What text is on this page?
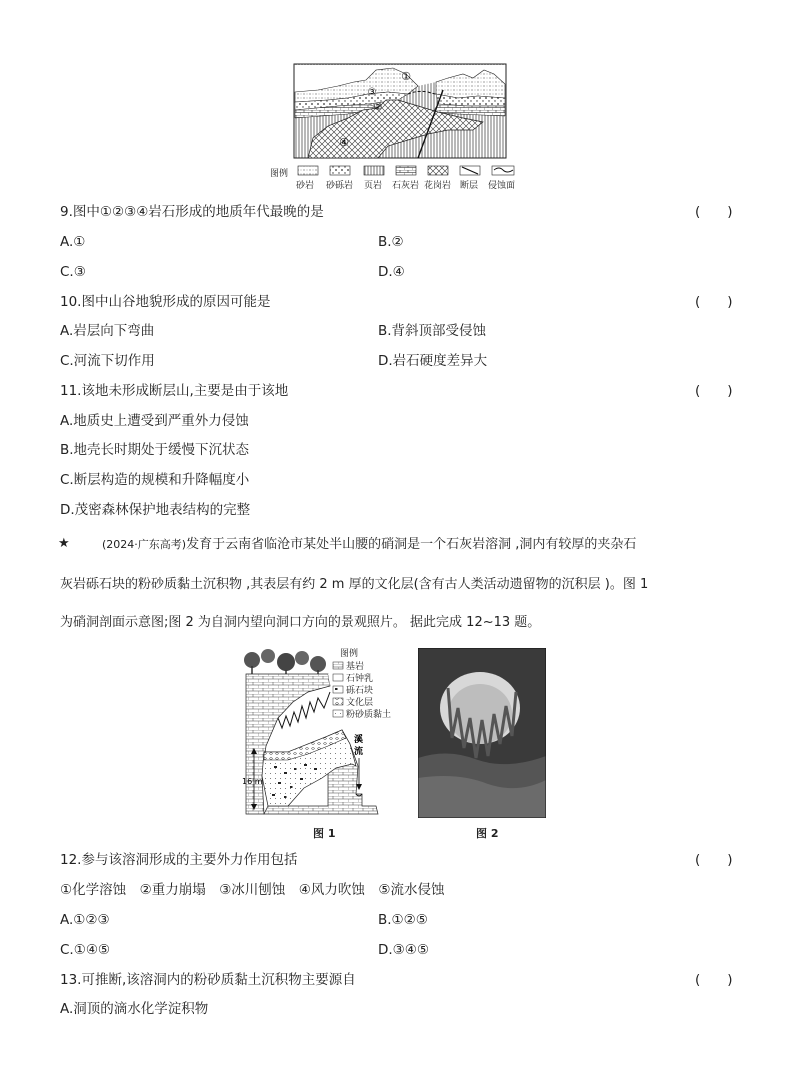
①
③
②
④
图例
砂岩 砂砾岩 页岩 石灰岩 花岗岩 断层 侵蚀面
9.图中①②③④岩石形成的地质年代最晚的是	(　　)
A.①	B.②
C.③	D.④
10.图中山谷地貌形成的原因可能是	(　　)
A.岩层向下弯曲	B.背斜顶部受侵蚀
C.河流下切作用	D.岩石硬度差异大
11.该地未形成断层山,主要是由于该地	(　　)
A.地质史上遭受到严重外力侵蚀
B.地壳长时期处于缓慢下沉状态
C.断层构造的规模和升降幅度小
D.茂密森林保护地表结构的完整
★	(2024·广东高考)发育于云南省临沧市某处半山腰的硝洞是一个石灰岩溶洞 ,洞内有较厚的夹杂石
灰岩砾石块的粉砂质黏土沉积物 ,其表层有约 2 m 厚的文化层(含有古人类活动遗留物的沉积层 )。图 1
为硝洞剖面示意图;图 2 为自洞内望向洞口方向的景观照片。 据此完成 12~13 题。
16 m
溪流
图例
基岩
石钟乳
砾石块
文化层
粉砂质黏土
图 1	图 2
12.参与该溶洞形成的主要外力作用包括	(　　)
①化学溶蚀　②重力崩塌　③冰川刨蚀　④风力吹蚀　⑤流水侵蚀
A.①②③	B.①②⑤
C.①④⑤	D.③④⑤
13.可推断,该溶洞内的粉砂质黏土沉积物主要源自	(　　)
A.洞顶的滴水化学淀积物
